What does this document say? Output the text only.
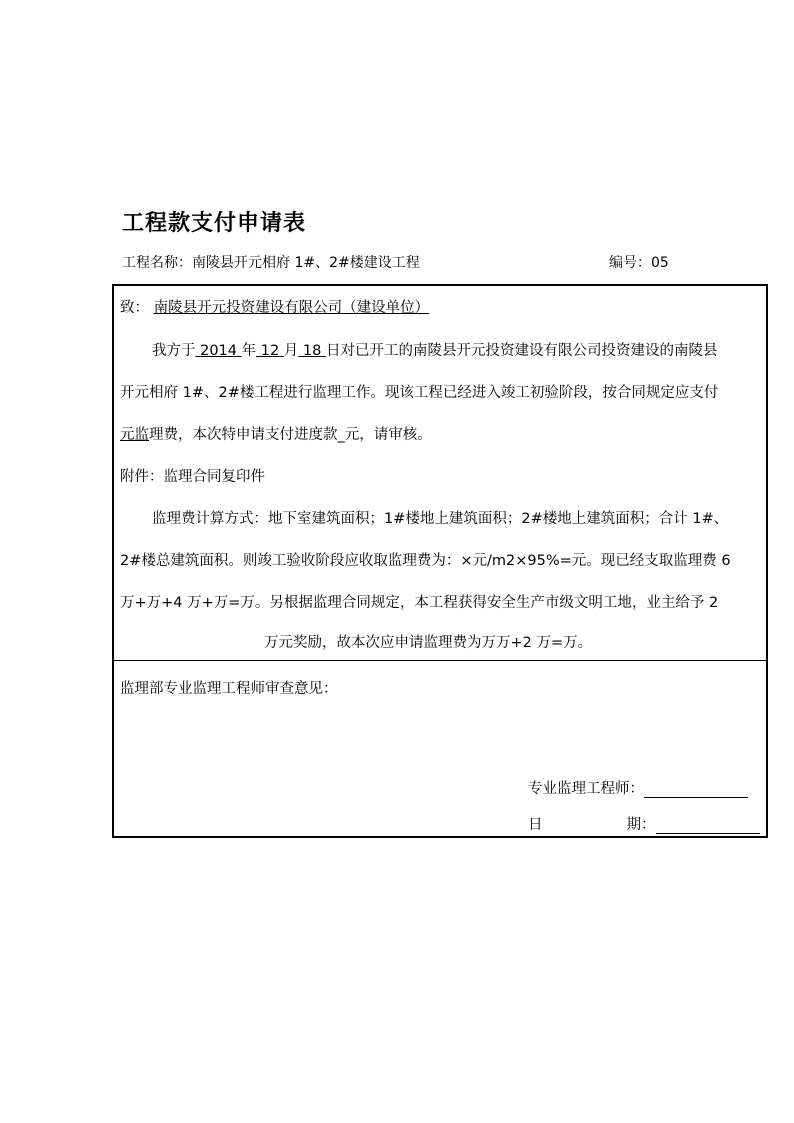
工程款支付申请表
工程名称：南陵县开元相府 1#、2#楼建设工程	编号：05
致： 南陵县开元投资建设有限公司（建设单位）
我方于 2014 年 12 月 18 日对已开工的南陵县开元投资建设有限公司投资建设的南陵县
开元相府 1#、2#楼工程进行监理工作。现该工程已经进入竣工初验阶段，按合同规定应支付
元监理费，本次特申请支付进度款_元，请审核。
附件：监理合同复印件
监理费计算方式：地下室建筑面积；1#楼地上建筑面积；2#楼地上建筑面积；合计 1#、
2#楼总建筑面积。则竣工验收阶段应收取监理费为：×元/m2×95%=元。现已经支取监理费 6
万+万+4 万+万=万。另根据监理合同规定，本工程获得安全生产市级文明工地，业主给予 2
万元奖励，故本次应申请监理费为万万+2 万=万。
监理部专业监理工程师审查意见：
专业监理工程师：
日	期：
